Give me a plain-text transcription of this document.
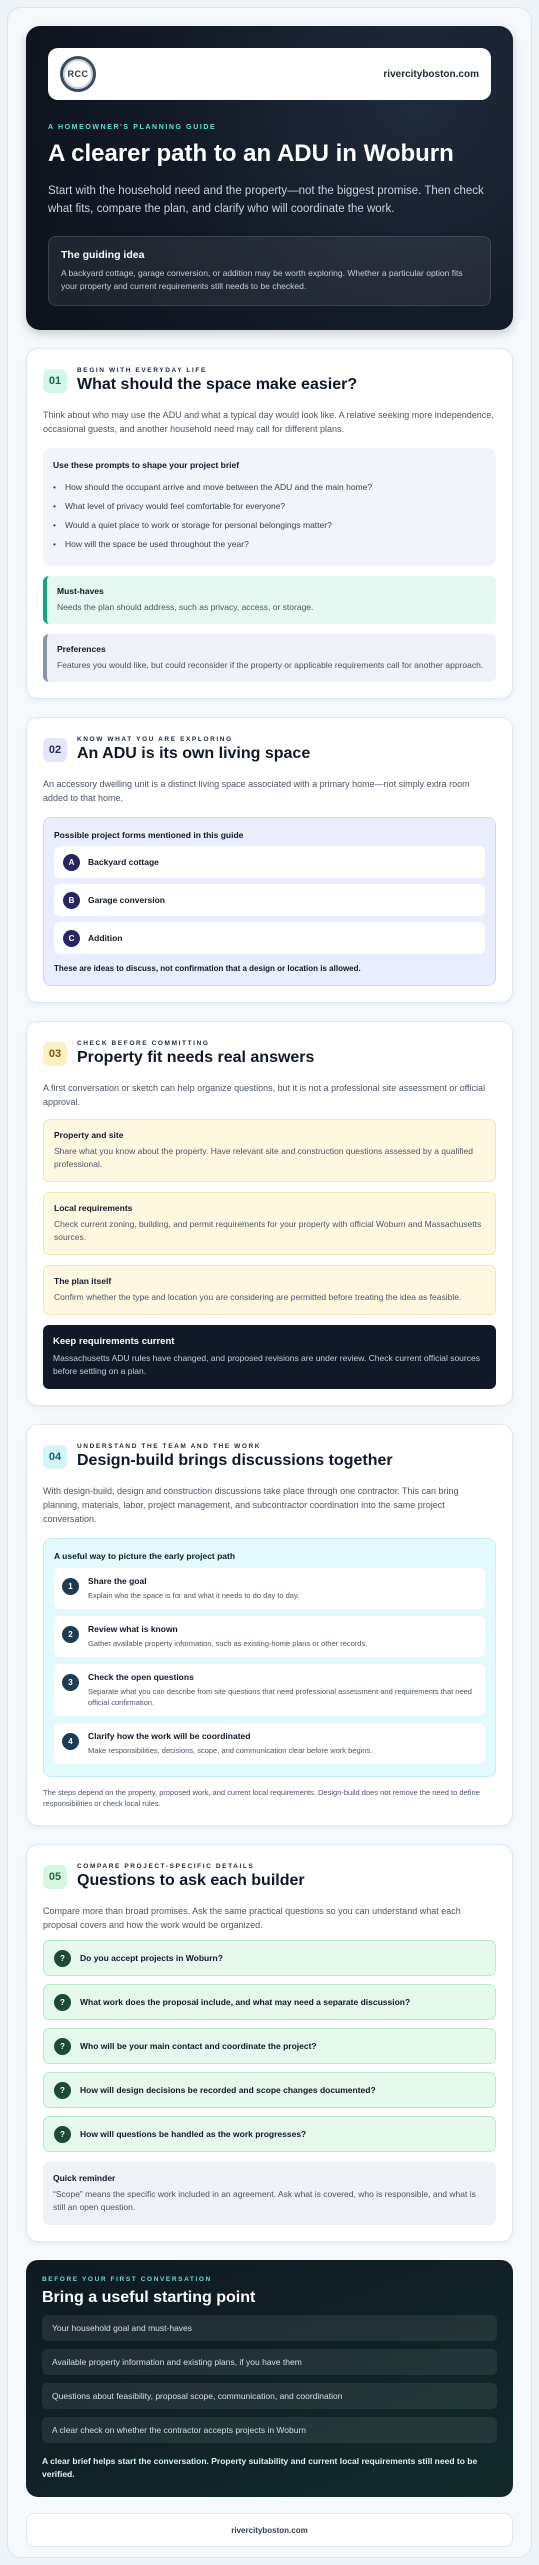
RCC	rivercityboston.com
A HOMEOWNER'S PLANNING GUIDE
A clearer path to an ADU in Woburn

Start with the household need and the property—not the biggest promise. Then check what fits, compare the plan, and clarify who will coordinate the work.

The guiding idea

A backyard cottage, garage conversion, or addition may be worth exploring. Whether a particular option fits your property and current requirements still needs to be checked.

01
BEGIN WITH EVERYDAY LIFE
What should the space make easier?

Think about who may use the ADU and what a typical day would look like. A relative seeking more independence, occasional guests, and another household need may call for different plans.

Use these prompts to shape your project brief
• How should the occupant arrive and move between the ADU and the main home?
• What level of privacy would feel comfortable for everyone?
• Would a quiet place to work or storage for personal belongings matter?
• How will the space be used throughout the year?
Must-haves

Needs the plan should address, such as privacy, access, or storage.

Preferences

Features you would like, but could reconsider if the property or applicable requirements call for another approach.

02
KNOW WHAT YOU ARE EXPLORING
An ADU is its own living space

An accessory dwelling unit is a distinct living space associated with a primary home—not simply extra room added to that home.

Possible project forms mentioned in this guide
A	Backyard cottage
B	Garage conversion
C	Addition

These are ideas to discuss, not confirmation that a design or location is allowed.

03
CHECK BEFORE COMMITTING
Property fit needs real answers

A first conversation or sketch can help organize questions, but it is not a professional site assessment or official approval.

Property and site

Share what you know about the property. Have relevant site and construction questions assessed by a qualified professional.

Local requirements

Check current zoning, building, and permit requirements for your property with official Woburn and Massachusetts sources.

The plan itself

Confirm whether the type and location you are considering are permitted before treating the idea as feasible.

Keep requirements current

Massachusetts ADU rules have changed, and proposed revisions are under review. Check current official sources before settling on a plan.

04
UNDERSTAND THE TEAM AND THE WORK
Design-build brings discussions together

With design-build, design and construction discussions take place through one contractor. This can bring planning, materials, labor, project management, and subcontractor coordination into the same project conversation.

A useful way to picture the early project path
1
Share the goal

Explain who the space is for and what it needs to do day to day.

2
Review what is known

Gather available property information, such as existing-home plans or other records.

3
Check the open questions

Separate what you can describe from site questions that need professional assessment and requirements that need official confirmation.

4
Clarify how the work will be coordinated

Make responsibilities, decisions, scope, and communication clear before work begins.

The steps depend on the property, proposed work, and current local requirements. Design-build does not remove the need to define responsibilities or check local rules.

05
COMPARE PROJECT-SPECIFIC DETAILS
Questions to ask each builder

Compare more than broad promises. Ask the same practical questions so you can understand what each proposal covers and how the work would be organized.

?	Do you accept projects in Woburn?
?	What work does the proposal include, and what may need a separate discussion?
?	Who will be your main contact and coordinate the project?
?	How will design decisions be recorded and scope changes documented?
?	How will questions be handled as the work progresses?
Quick reminder

“Scope” means the specific work included in an agreement. Ask what is covered, who is responsible, and what is still an open question.

BEFORE YOUR FIRST CONVERSATION
Bring a useful starting point
Your household goal and must-haves
Available property information and existing plans, if you have them
Questions about feasibility, proposal scope, communication, and coordination
A clear check on whether the contractor accepts projects in Woburn

A clear brief helps start the conversation. Property suitability and current local requirements still need to be verified.

rivercityboston.com
